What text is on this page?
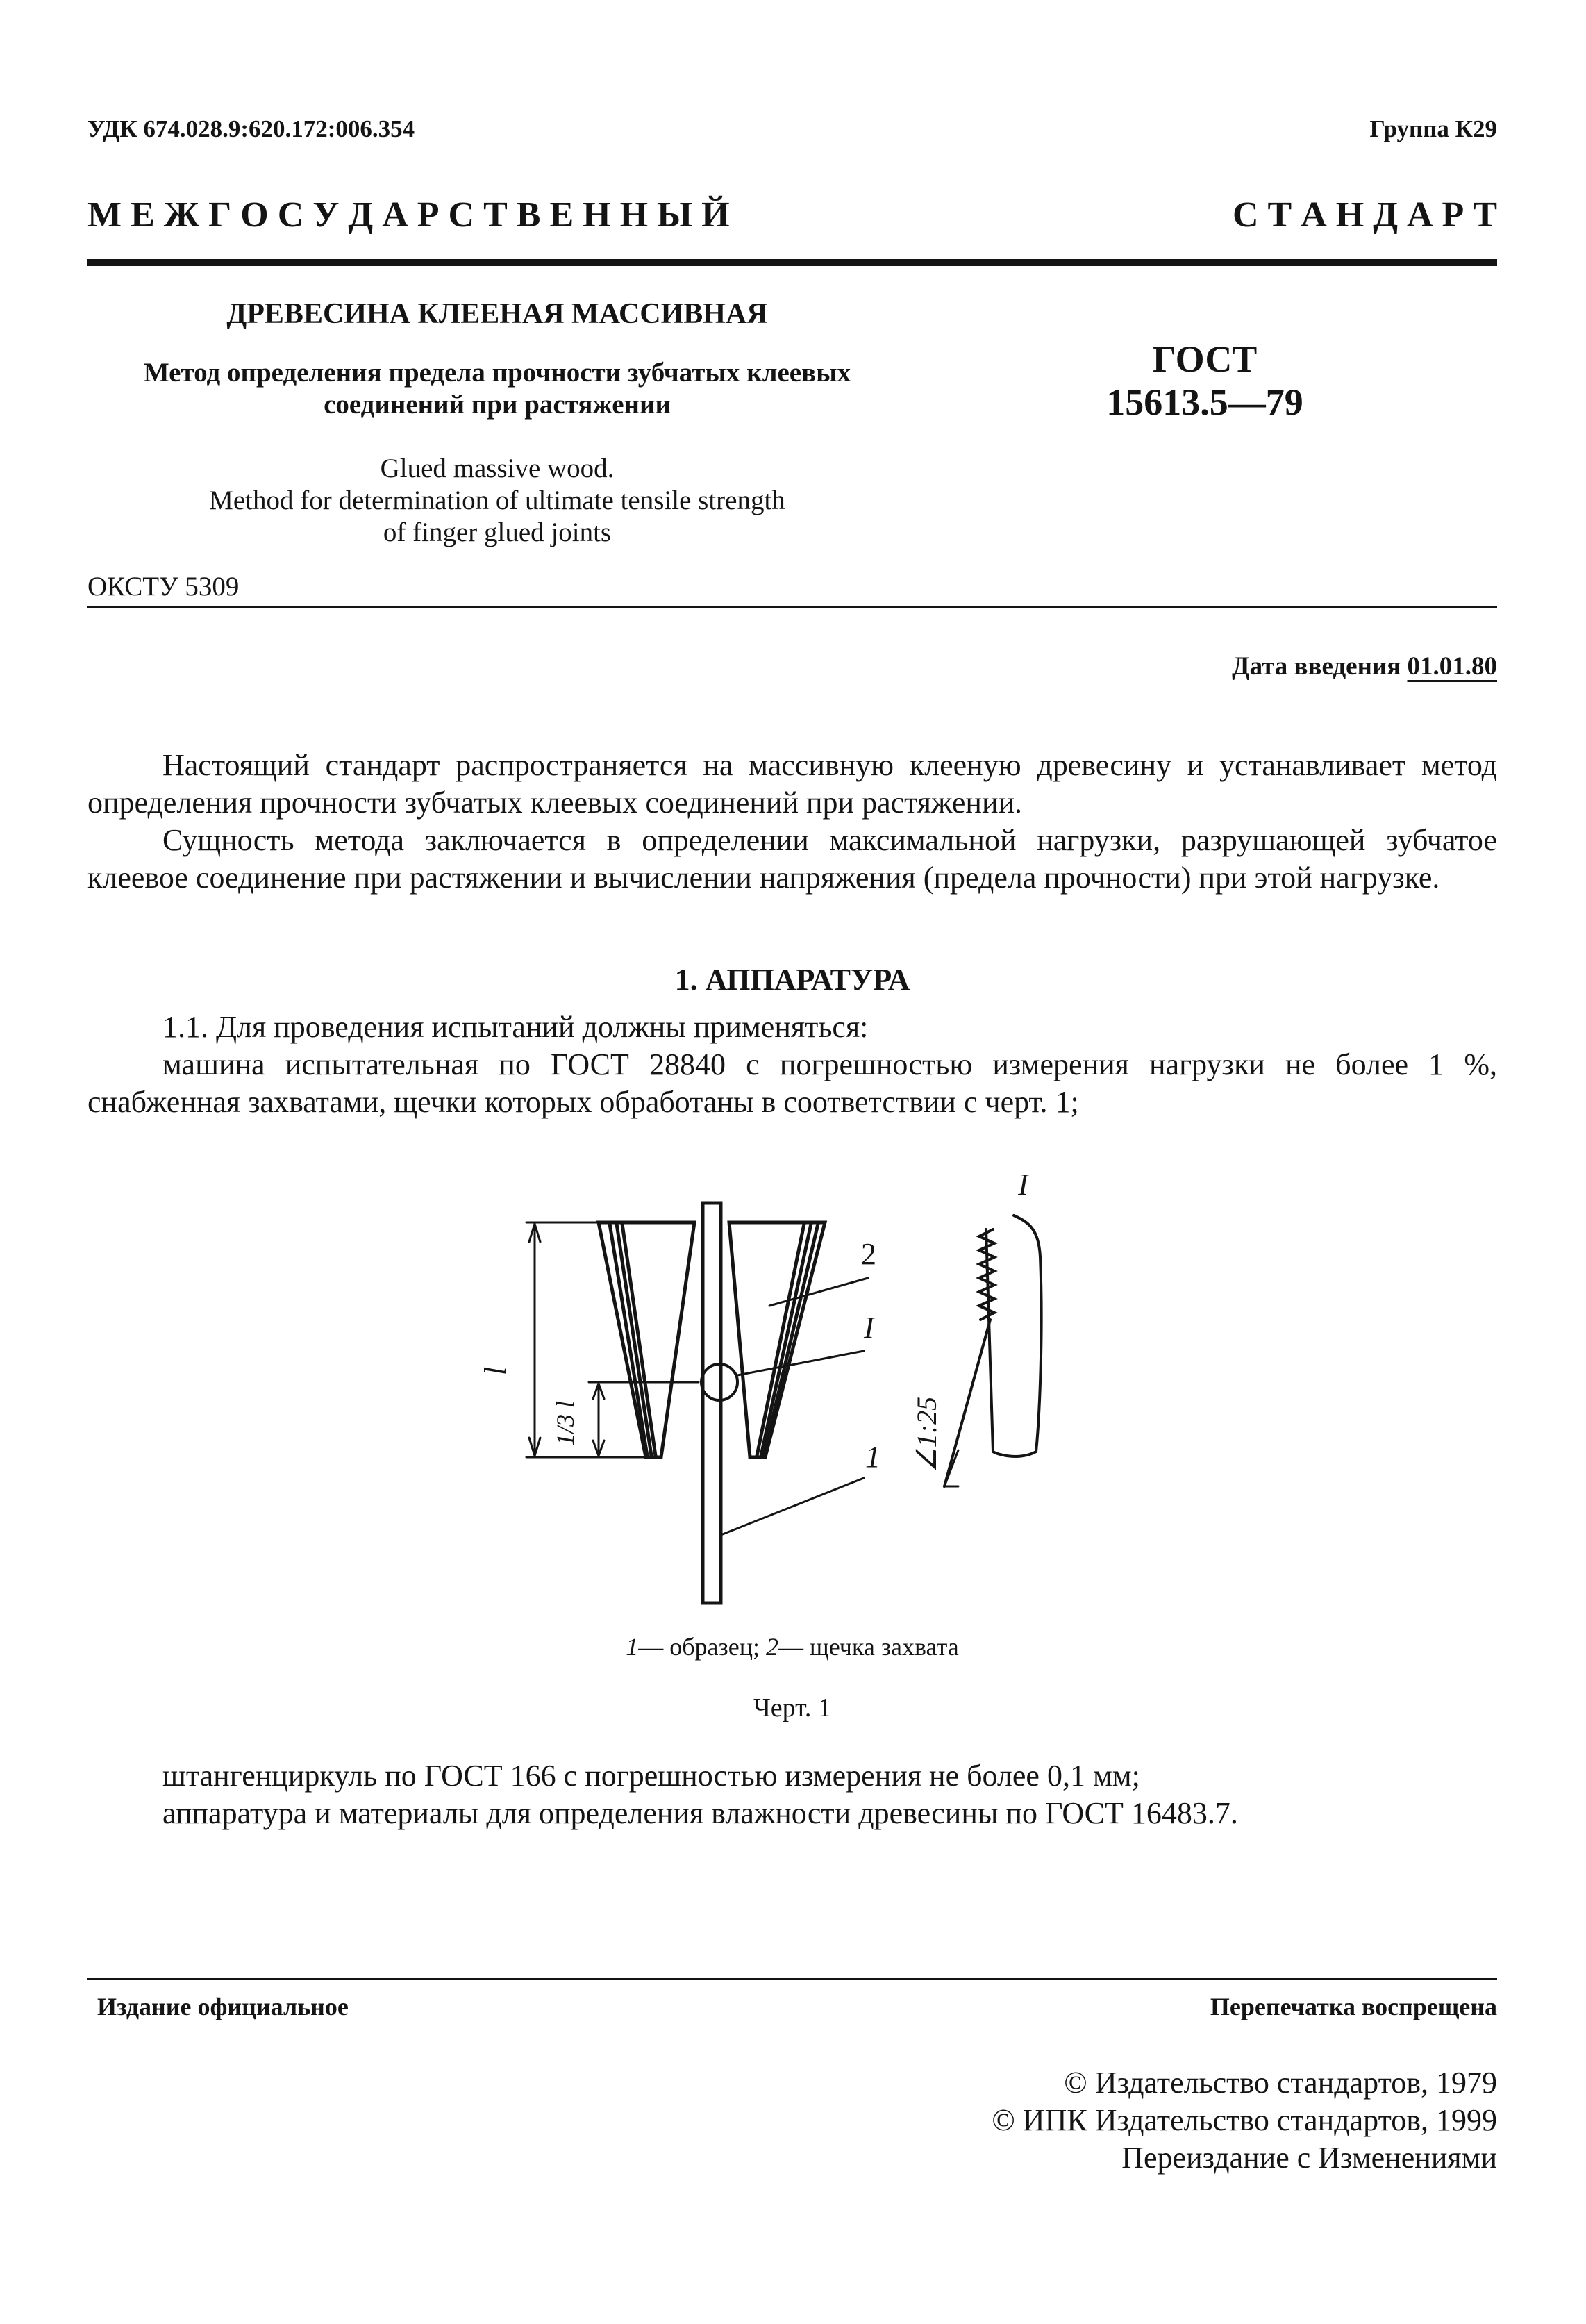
УДК 674.028.9:620.172:006.354	Группа К29
М Е Ж Г О С У Д А Р С Т В Е Н Н Ы Й	С Т А Н Д А Р Т
ДРЕВЕСИНА КЛЕЕНАЯ МАССИВНАЯ
Метод определения предела прочности зубчатых клеевых
соединений при растяжении
Glued massive wood.
Method for determination of ultimate tensile strength
of finger glued joints
ГОСТ
15613.5—79
ОКСТУ 5309
Дата введения 01.01.80

Настоящий стандарт распространяется на массивную клееную древесину и устанавливает метод определения прочности зубчатых клеевых соединений при растяжении.

Сущность метода заключается в определении максимальной нагрузки, разрушающей зубчатое клеевое соединение при растяжении и вычислении напряжения (предела прочности) при этой нагрузке.

1. АППАРАТУРА

1.1. Для проведения испытаний должны применяться:

машина испытательная по ГОСТ 28840 с погрешностью измерения нагрузки не более 1 %, снабженная захватами, щечки которых обработаны в соответствии с черт. 1;

l
1/3 l
2
I
1
I
∠1:25
1— образец; 2— щечка захвата
Черт. 1

штангенциркуль по ГОСТ 166 с погрешностью измерения не более 0,1 мм;

аппаратура и материалы для определения влажности древесины по ГОСТ 16483.7.

Издание официальное	Перепечатка воспрещена
© Издательство стандартов, 1979
© ИПК Издательство стандартов, 1999
Переиздание с Изменениями
